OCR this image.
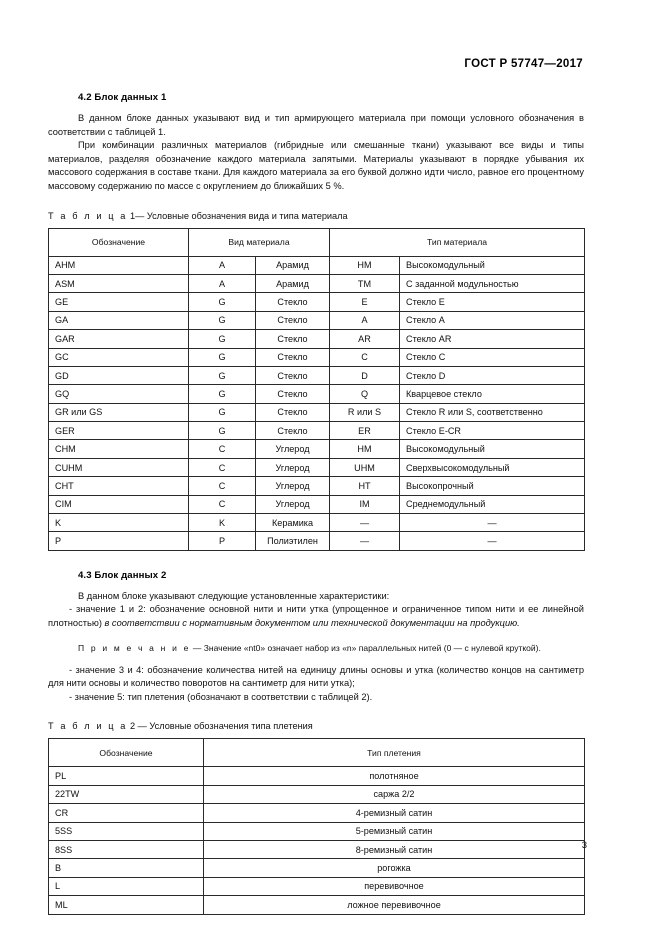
ГОСТ Р 57747—2017
4.2 Блок данных 1

В данном блоке данных указывают вид и тип армирующего материала при помощи условного обозначения в соответствии с таблицей 1.

При комбинации различных материалов (гибридные или смешанные ткани) указывают все виды и типы материалов, разделяя обозначение каждого материала запятыми. Материалы указывают в порядке убывания их массового содержания в составе ткани. Для каждого материала за его буквой должно идти число, равное его процентному массовому содержанию по массе с округлением до ближайших 5 %.

Т а б л и ц а 1— Условные обозначения вида и типа материала
Обозначение	Вид материала		Тип материала	
AHM	A	Арамид	HM	Высокомодульный
ASM	A	Арамид	TM	С заданной модульностью
GE	G	Стекло	E	Стекло E
GA	G	Стекло	A	Стекло A
GAR	G	Стекло	AR	Стекло AR
GC	G	Стекло	C	Стекло C
GD	G	Стекло	D	Стекло D
GQ	G	Стекло	Q	Кварцевое стекло
GR или GS	G	Стекло	R или S	Стекло R или S, соответственно
GER	G	Стекло	ER	Стекло E-CR
CHM	C	Углерод	HM	Высокомодульный
CUHM	C	Углерод	UHM	Сверхвысокомодульный
CHT	C	Углерод	HT	Высокопрочный
CIM	C	Углерод	IM	Среднемодульный
K	K	Керамика	—	—
P	P	Полиэтилен	—	—
4.3 Блок данных 2

В данном блоке указывают следующие установленные характеристики:

- значение 1 и 2: обозначение основной нити и нити утка (упрощенное и ограниченное типом нити и ее линейной плотностью) в соответствии с нормативным документом или технической документации на продукцию.

П р и м е ч а н и е — Значение «nt0» означает набор из «n» параллельных нитей (0 — с нулевой круткой).

- значение 3 и 4: обозначение количества нитей на единицу длины основы и утка (количество концов на сантиметр для нити основы и количество поворотов на сантиметр для нити утка);

- значение 5: тип плетения (обозначают в соответствии с таблицей 2).

Т а б л и ц а 2 — Условные обозначения типа плетения
Обозначение	Тип плетения
PL	полотняное
22TW	саржа 2/2
CR	4-ремизный сатин
5SS	5-ремизный сатин
8SS	8-ремизный сатин
B	рогожка
L	перевивочное
ML	ложное перевивочное
3
